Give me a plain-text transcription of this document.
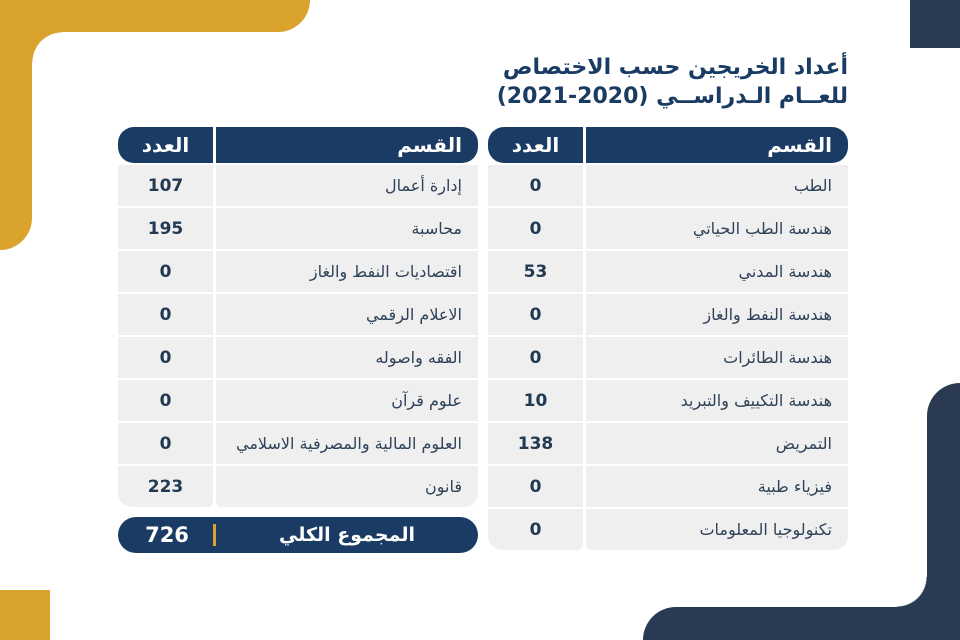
أعداد الخريجين حسب الاختصاص
للعــام الـدراســي (2020-2021)
القسم
العدد
الطب
0
هندسة الطب الحياتي
0
هندسة المدني
53
هندسة النفط والغاز
0
هندسة الطائرات
0
هندسة التكييف والتبريد
10
التمريض
138
فيزياء طبية
0
تكنولوجيا المعلومات
0
القسم
العدد
إدارة أعمال
107
محاسبة
195
اقتصاديات النفط والغاز
0
الاعلام الرقمي
0
الفقه واصوله
0
علوم قرآن
0
العلوم المالية والمصرفية الاسلامي
0
قانون
223
المجموع الكلي
726
